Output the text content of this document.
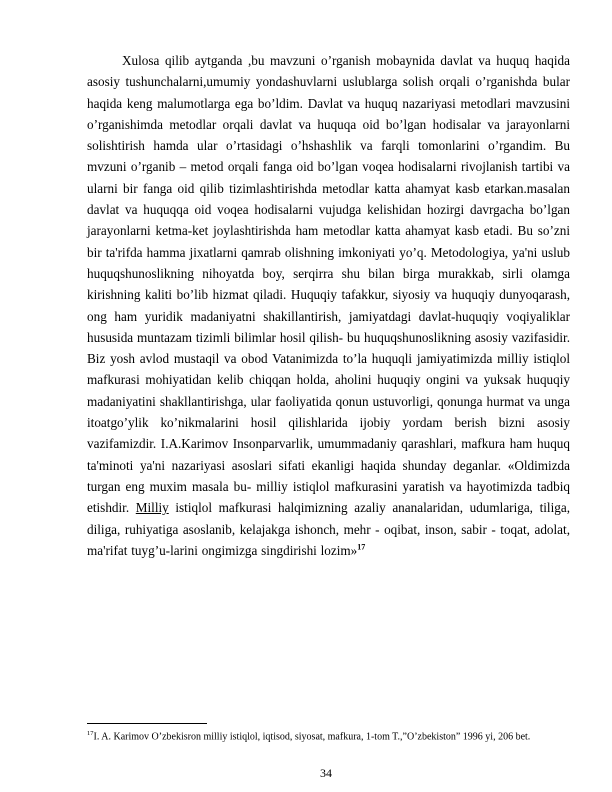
Xulosa qilib aytganda ,bu mavzuni o’rganish mobaynida davlat va huquq haqida asosiy tushunchalarni,umumiy yondashuvlarni uslublarga solish orqali o’rganishda bular haqida keng malumotlarga ega bo’ldim. Davlat va huquq nazariyasi metodlari mavzusini o’rganishimda metodlar orqali davlat va huquqa oid bo’lgan hodisalar va jarayonlarni solishtirish hamda ular o’rtasidagi o’hshashlik va farqli tomonlarini o’rgandim. Bu mvzuni o’rganib – metod orqali fanga oid bo’lgan voqea hodisalarni rivojlanish tartibi va ularni bir fanga oid qilib tizimlashtirishda metodlar katta ahamyat kasb etarkan.masalan davlat va huquqqa oid voqea hodisalarni vujudga kelishidan hozirgi davrgacha bo’lgan jarayonlarni ketma-ket joylashtirishda ham metodlar katta ahamyat kasb etadi. Bu so’zni bir ta'rifda hamma jixatlarni qamrab olishning imkoniyati yo’q. Metodologiya, ya'ni uslub huquqshunoslikning nihoyatda boy, serqirra shu bilan birga murakkab, sirli olamga kirishning kaliti bo’lib hizmat qiladi. Huquqiy tafakkur, siyosiy va huquqiy dunyoqarash, ong ham yuridik madaniyatni shakillantirish, jamiyatdagi davlat-huquqiy voqiyaliklar hususida muntazam tizimli bilimlar hosil qilish- bu huquqshunoslikning asosiy vazifasidir. Biz yosh avlod mustaqil va obod Vatanimizda to’la huquqli jamiyatimizda milliy istiqlol mafkurasi mohiyatidan kelib chiqqan holda, aholini huquqiy ongini va yuksak huquqiy madaniyatini shakllantirishga, ular faoliyatida qonun ustuvorligi, qonunga hurmat va unga itoatgo’ylik ko’nikmalarini hosil qilishlarida ijobiy yordam berish bizni asosiy vazifamizdir. I.A.Karimov Insonparvarlik, umummadaniy qarashlari, mafkura ham huquq ta'minoti ya'ni nazariyasi asoslari sifati ekanligi haqida shunday deganlar. «Oldimizda turgan eng muxim masala bu- milliy istiqlol mafkurasini yaratish va hayotimizda tadbiq etishdir. Milliy istiqlol mafkurasi halqimizning azaliy ananalaridan, udumlariga, tiliga, diliga, ruhiyatiga asoslanib, kelajakga ishonch, mehr - oqibat, inson, sabir - toqat, adolat, ma'rifat tuyg’u-larini ongimizga singdirishi lozim»$^{17}$

$^{17}$I. A. Karimov O’zbekisron milliy istiqlol, iqtisod, siyosat, mafkura, 1-tom T.,”O’zbekiston” 1996 yi, 206 bet.

34
